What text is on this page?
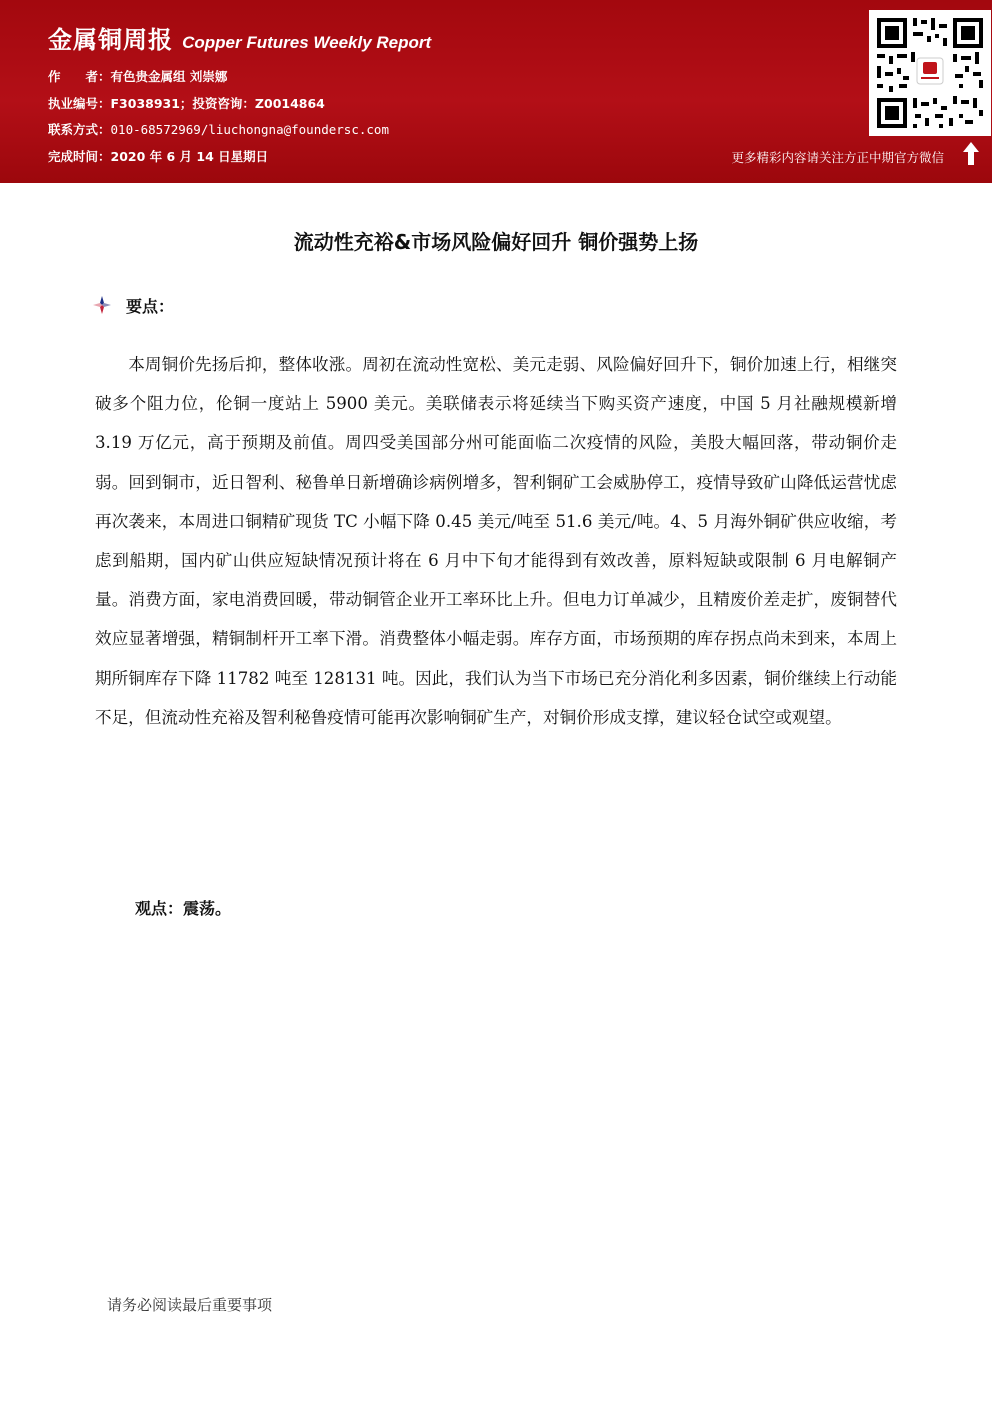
金属铜周报 Copper Futures Weekly Report
作　　者：有色贵金属组 刘崇娜
执业编号：F3038931；投资咨询：Z0014864
联系方式：010-68572969/liuchongna@foundersc.com
完成时间：2020 年 6 月 14 日星期日	更多精彩内容请关注方正中期官方微信
流动性充裕&市场风险偏好回升 铜价强势上扬
要点：

本周铜价先扬后抑，整体收涨。周初在流动性宽松、美元走弱、风险偏好回升下，铜价加速上行，相继突破多个阻力位，伦铜一度站上 5900 美元。美联储表示将延续当下购买资产速度，中国 5 月社融规模新增 3.19 万亿元，高于预期及前值。周四受美国部分州可能面临二次疫情的风险，美股大幅回落，带动铜价走弱。回到铜市，近日智利、秘鲁单日新增确诊病例增多，智利铜矿工会威胁停工，疫情导致矿山降低运营忧虑再次袭来，本周进口铜精矿现货 TC 小幅下降 0.45 美元/吨至 51.6 美元/吨。4、5 月海外铜矿供应收缩，考虑到船期，国内矿山供应短缺情况预计将在 6 月中下旬才能得到有效改善，原料短缺或限制 6 月电解铜产量。消费方面，家电消费回暖，带动铜管企业开工率环比上升。但电力订单减少，且精废价差走扩，废铜替代效应显著增强，精铜制杆开工率下滑。消费整体小幅走弱。库存方面，市场预期的库存拐点尚未到来，本周上期所铜库存下降 11782 吨至 128131 吨。因此，我们认为当下市场已充分消化利多因素，铜价继续上行动能不足，但流动性充裕及智利秘鲁疫情可能再次影响铜矿生产，对铜价形成支撑，建议轻仓试空或观望。

观点：震荡。
请务必阅读最后重要事项
